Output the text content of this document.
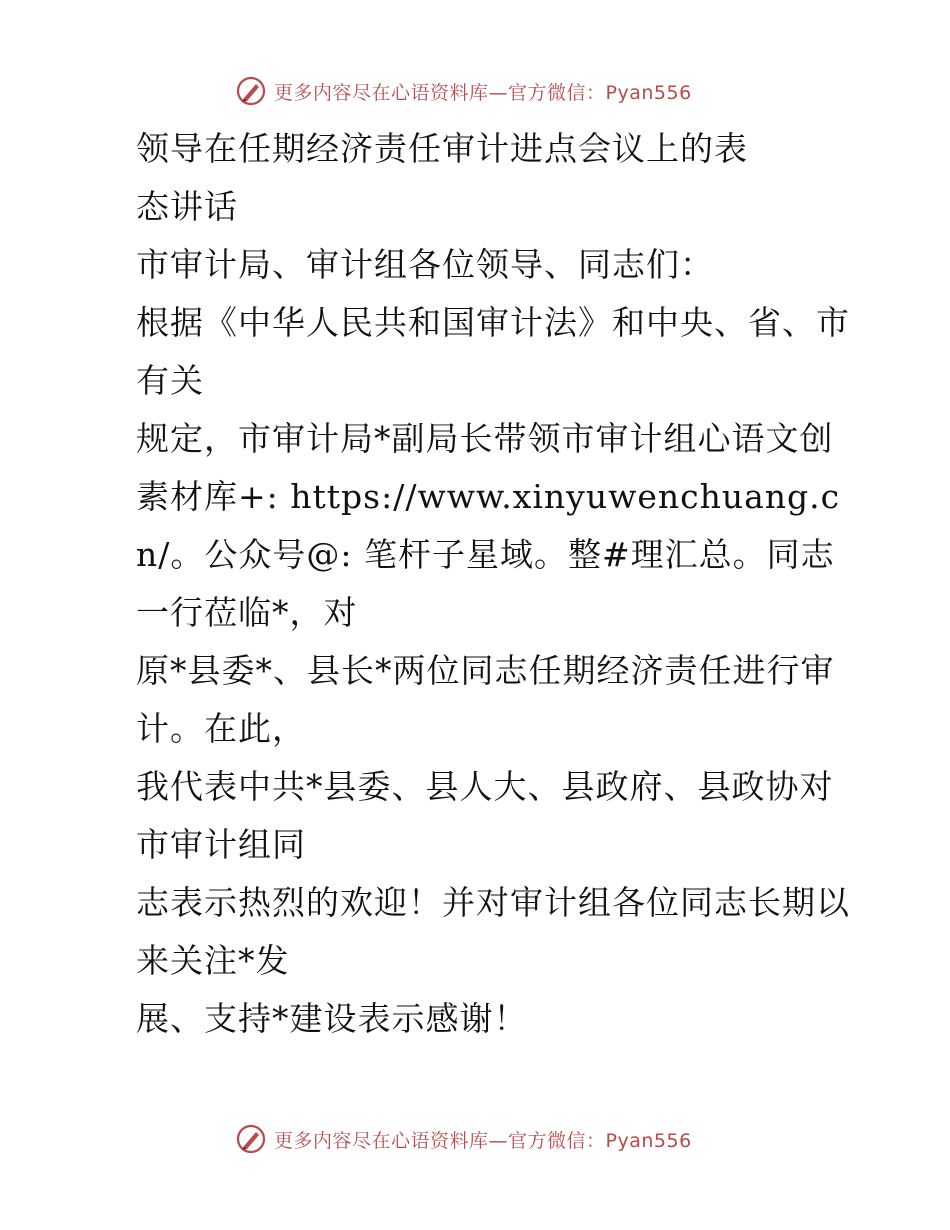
更多内容尽在心语资料库—官方微信：Pyan556

领导在任期经济责任审计进点会议上的表

态讲话

市审计局、审计组各位领导、同志们：

根据《中华人民共和国审计法》和中央、省、市有关

规定，市审计局*副局长带领市审计组心语文创素材库+: https://www.xinyuwenchuang.cn/。公众号@: 笔杆子星域。整#理汇总。同志一行莅临*，对

原*县委*、县长*两位同志任期经济责任进行审计。在此，

我代表中共*县委、县人大、县政府、县政协对市审计组同

志表示热烈的欢迎！并对审计组各位同志长期以来关注*发

展、支持*建设表示感谢！

更多内容尽在心语资料库—官方微信：Pyan556
